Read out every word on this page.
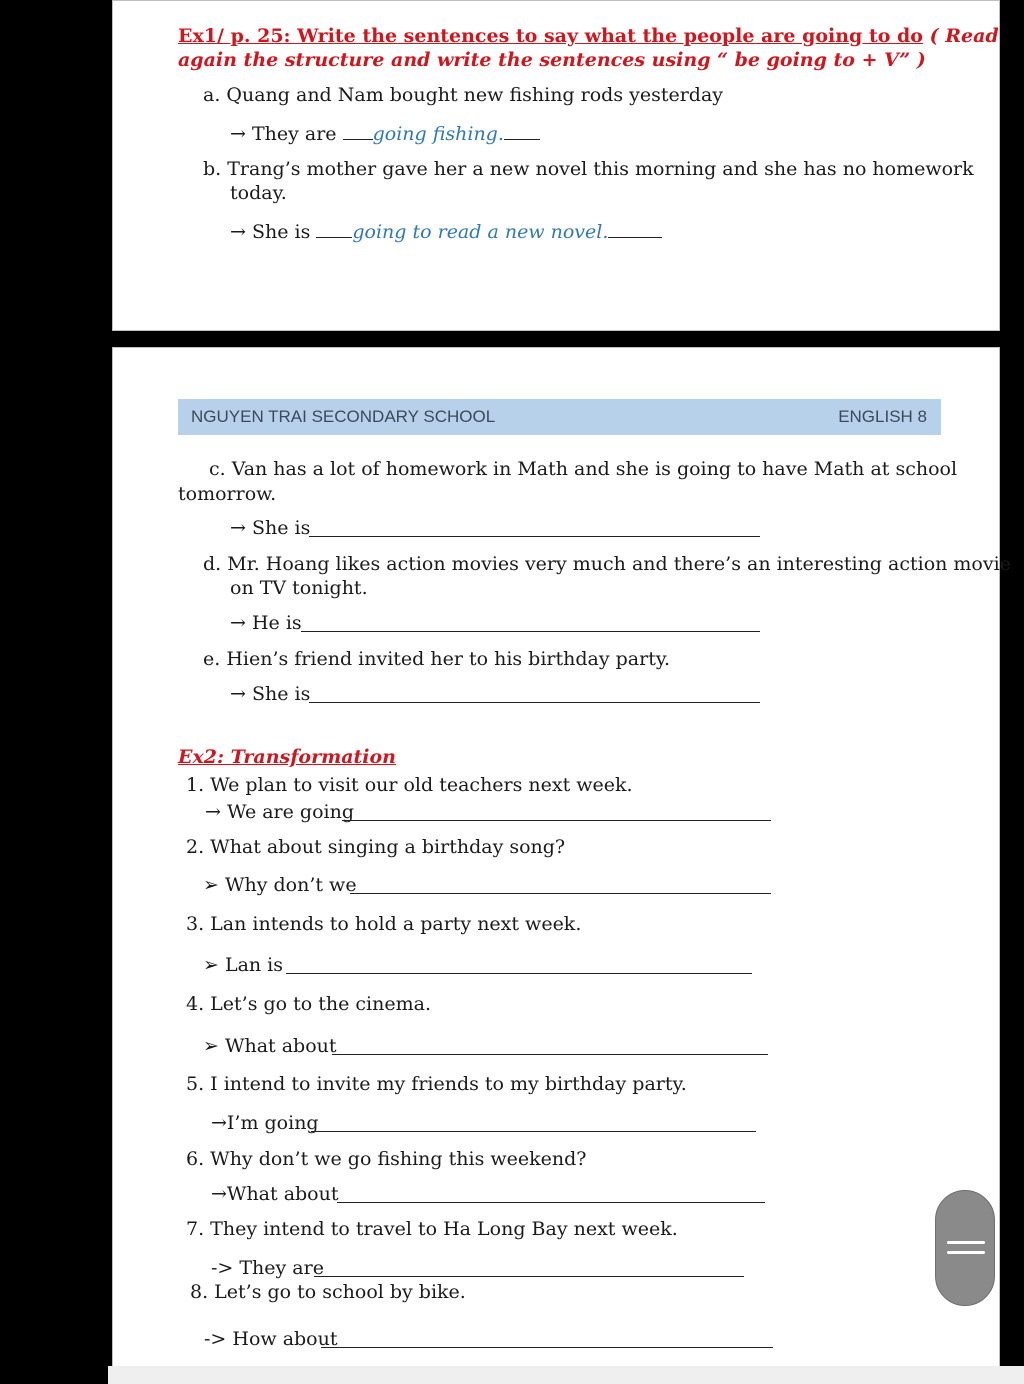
Ex1/ p. 25: Write the sentences to say what the people are going to do ( Read
again the structure and write the sentences using “ be going to + V” )
a. Quang and Nam bought new fishing rods yesterday
→ They are going fishing.
b. Trang’s mother gave her a new novel this morning and she has no homework
today.
→ She is going to read a new novel.
NGUYEN TRAI SECONDARY SCHOOL	ENGLISH 8
c. Van has a lot of homework in Math and she is going to have Math at school
tomorrow.
→ She is
d. Mr. Hoang likes action movies very much and there’s an interesting action movie
on TV tonight.
→ He is
e. Hien’s friend invited her to his birthday party.
→ She is
Ex2: Transformation
1. We plan to visit our old teachers next week.
→ We are going
2. What about singing a birthday song?
➢ Why don’t we
3. Lan intends to hold a party next week.
➢ Lan is
4. Let’s go to the cinema.
➢ What about
5. I intend to invite my friends to my birthday party.
→I’m going
6. Why don’t we go fishing this weekend?
→What about
7. They intend to travel to Ha Long Bay next week.
-> They are
8. Let’s go to school by bike.
-> How about
